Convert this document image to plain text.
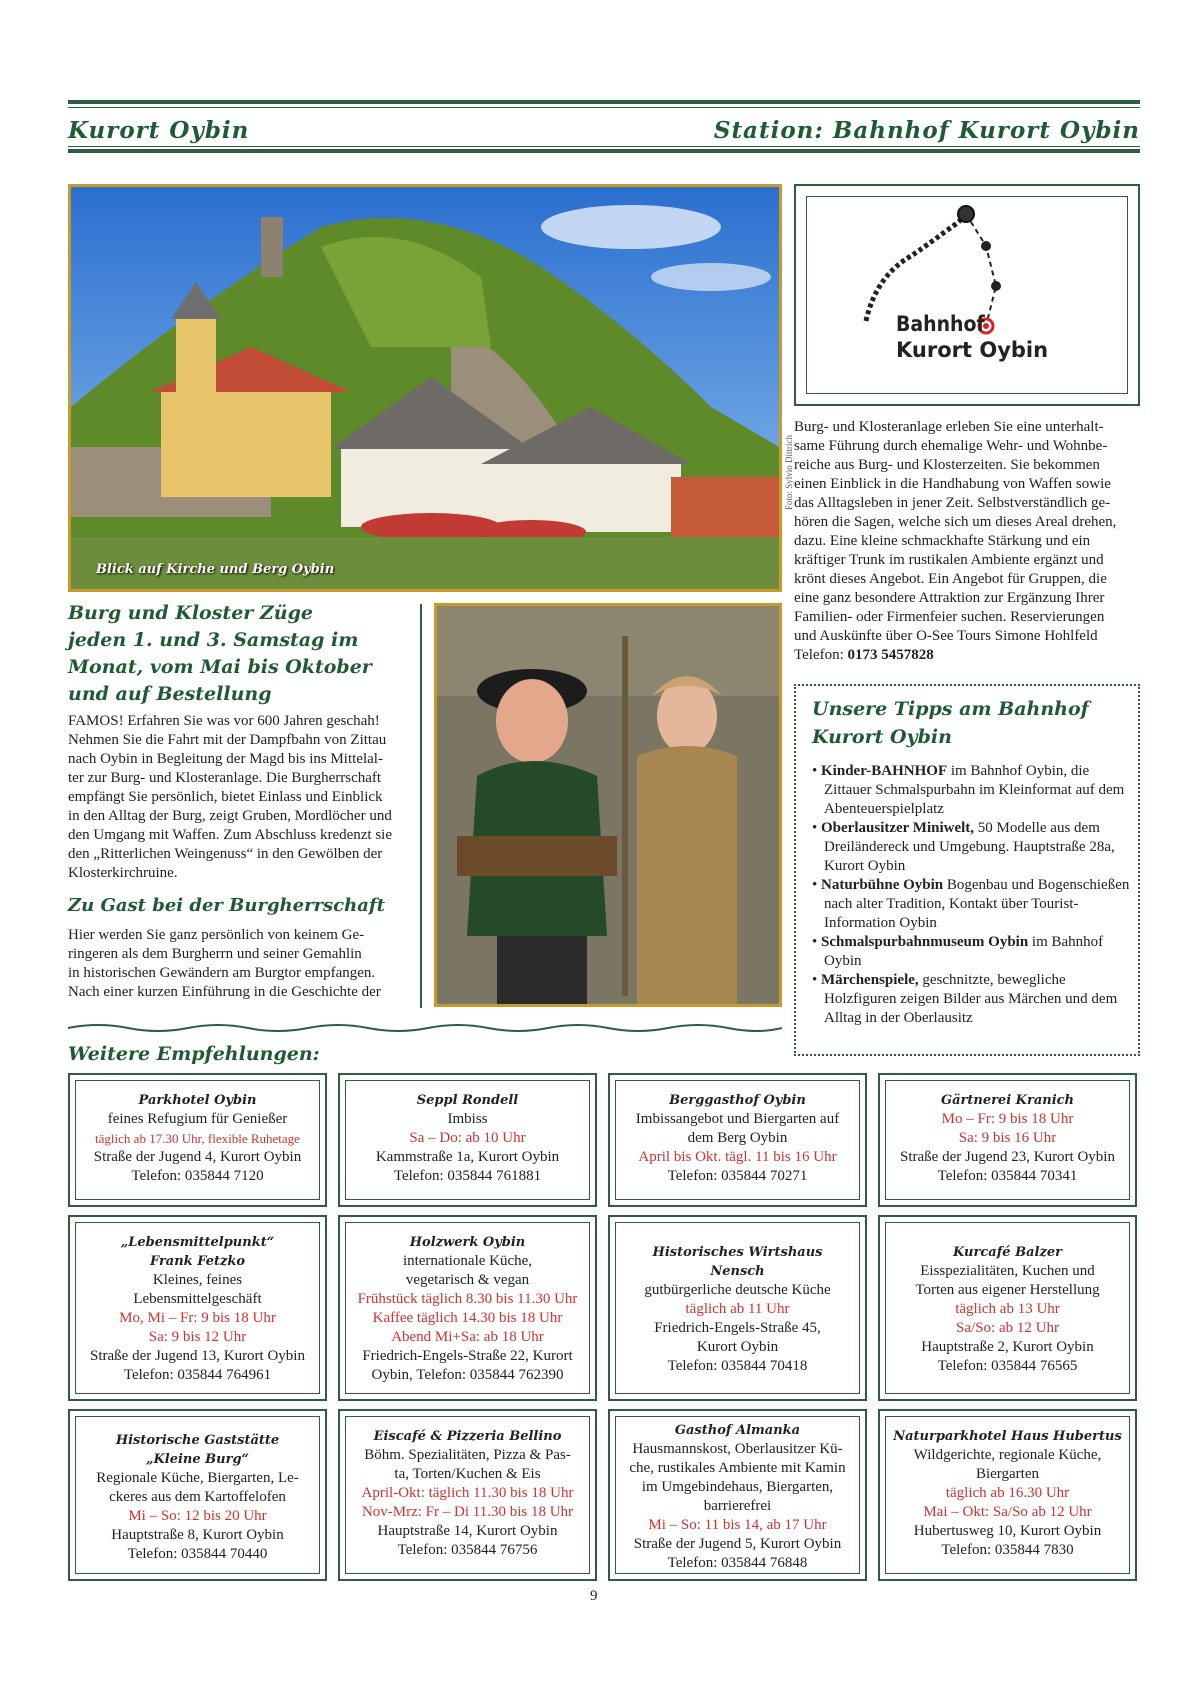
Kurort Oybin	Station: Bahnhof Kurort Oybin
Blick auf Kirche und Berg Oybin
Foto: Sylvio Dittrich
Bahnhof
Kurort Oybin
Burg- und Klosteranlage erleben Sie eine unterhalt-
same Führung durch ehemalige Wehr- und Wohnbe-
reiche aus Burg- und Klosterzeiten. Sie bekommen
einen Einblick in die Handhabung von Waffen sowie
das Alltagsleben in jener Zeit. Selbstverständlich ge-
hören die Sagen, welche sich um dieses Areal drehen,
dazu. Eine kleine schmackhafte Stärkung und ein
kräftiger Trunk im rustikalen Ambiente ergänzt und
krönt dieses Angebot. Ein Angebot für Gruppen, die
eine ganz besondere Attraktion zur Ergänzung Ihrer
Familien- oder Firmenfeier suchen. Reservierungen
und Auskünfte über O-See Tours Simone Hohlfeld
Telefon: 0173 5457828
Burg und Kloster Züge
jeden 1. und 3. Samstag im
Monat, vom Mai bis Oktober
und auf Bestellung
FAMOS! Erfahren Sie was vor 600 Jahren geschah!
Nehmen Sie die Fahrt mit der Dampfbahn von Zittau
nach Oybin in Begleitung der Magd bis ins Mittelal-
ter zur Burg- und Klosteranlage. Die Burgherrschaft
empfängt Sie persönlich, bietet Einlass und Einblick
in den Alltag der Burg, zeigt Gruben, Mordlöcher und
den Umgang mit Waffen. Zum Abschluss kredenzt sie
den „Ritterlichen Weingenuss“ in den Gewölben der
Klosterkirchruine.
Zu Gast bei der Burgherrschaft
Hier werden Sie ganz persönlich von keinem Ge-
ringeren als dem Burgherrn und seiner Gemahlin
in historischen Gewändern am Burgtor empfangen.
Nach einer kurzen Einführung in die Geschichte der
Unsere Tipps am Bahnhof
Kurort Oybin
• Kinder-BAHNHOF im Bahnhof Oybin, die Zittauer Schmalspurbahn im Kleinformat auf dem Abenteuerspielplatz
• Oberlausitzer Miniwelt, 50 Modelle aus dem Dreiländereck und Umgebung. Hauptstraße 28a, Kurort Oybin
• Naturbühne Oybin Bogenbau und Bogenschießen nach alter Tradition, Kontakt über Tourist-Information Oybin
• Schmalspurbahnmuseum Oybin im Bahnhof Oybin
• Märchenspiele, geschnitzte, bewegliche Holzfiguren zeigen Bilder aus Märchen und dem Alltag in der Oberlausitz
Weitere Empfehlungen:
Parkhotel Oybin
feines Refugium für Genießer
täglich ab 17.30 Uhr, flexible Ruhetage
Straße der Jugend 4, Kurort Oybin
Telefon: 035844 7120
Seppl Rondell
Imbiss
Sa – Do: ab 10 Uhr
Kammstraße 1a, Kurort Oybin
Telefon: 035844 761881
Berggasthof Oybin
Imbissangebot und Biergarten auf
dem Berg Oybin
April bis Okt. tägl. 11 bis 16 Uhr
Telefon: 035844 70271
Gärtnerei Kranich
Mo – Fr: 9 bis 18 Uhr
Sa: 9 bis 16 Uhr
Straße der Jugend 23, Kurort Oybin
Telefon: 035844 70341
„Lebensmittelpunkt“
Frank Fetzko
Kleines, feines
Lebensmittelgeschäft
Mo, Mi – Fr: 9 bis 18 Uhr
Sa: 9 bis 12 Uhr
Straße der Jugend 13, Kurort Oybin
Telefon: 035844 764961
Holzwerk Oybin
internationale Küche,
vegetarisch & vegan
Frühstück täglich 8.30 bis 11.30 Uhr
Kaffee täglich 14.30 bis 18 Uhr
Abend Mi+Sa: ab 18 Uhr
Friedrich-Engels-Straße 22, Kurort
Oybin, Telefon: 035844 762390
Historisches Wirtshaus
Nensch
gutbürgerliche deutsche Küche
täglich ab 11 Uhr
Friedrich-Engels-Straße 45,
Kurort Oybin
Telefon: 035844 70418
Kurcafé Balzer
Eisspezialitäten, Kuchen und
Torten aus eigener Herstellung
täglich ab 13 Uhr
Sa/So: ab 12 Uhr
Hauptstraße 2, Kurort Oybin
Telefon: 035844 76565
Historische Gaststätte
„Kleine Burg“
Regionale Küche, Biergarten, Le-
ckeres aus dem Kartoffelofen
Mi – So: 12 bis 20 Uhr
Hauptstraße 8, Kurort Oybin
Telefon: 035844 70440
Eiscafé & Pizzeria Bellino
Böhm. Spezialitäten, Pizza & Pas-
ta, Torten/Kuchen & Eis
April-Okt: täglich 11.30 bis 18 Uhr
Nov-Mrz: Fr – Di 11.30 bis 18 Uhr
Hauptstraße 14, Kurort Oybin
Telefon: 035844 76756
Gasthof Almanka
Hausmannskost, Oberlausitzer Kü-
che, rustikales Ambiente mit Kamin
im Umgebindehaus, Biergarten,
barrierefrei
Mi – So: 11 bis 14, ab 17 Uhr
Straße der Jugend 5, Kurort Oybin
Telefon: 035844 76848
Naturparkhotel Haus Hubertus
Wildgerichte, regionale Küche,
Biergarten
täglich ab 16.30 Uhr
Mai – Okt: Sa/So ab 12 Uhr
Hubertusweg 10, Kurort Oybin
Telefon: 035844 7830
9
